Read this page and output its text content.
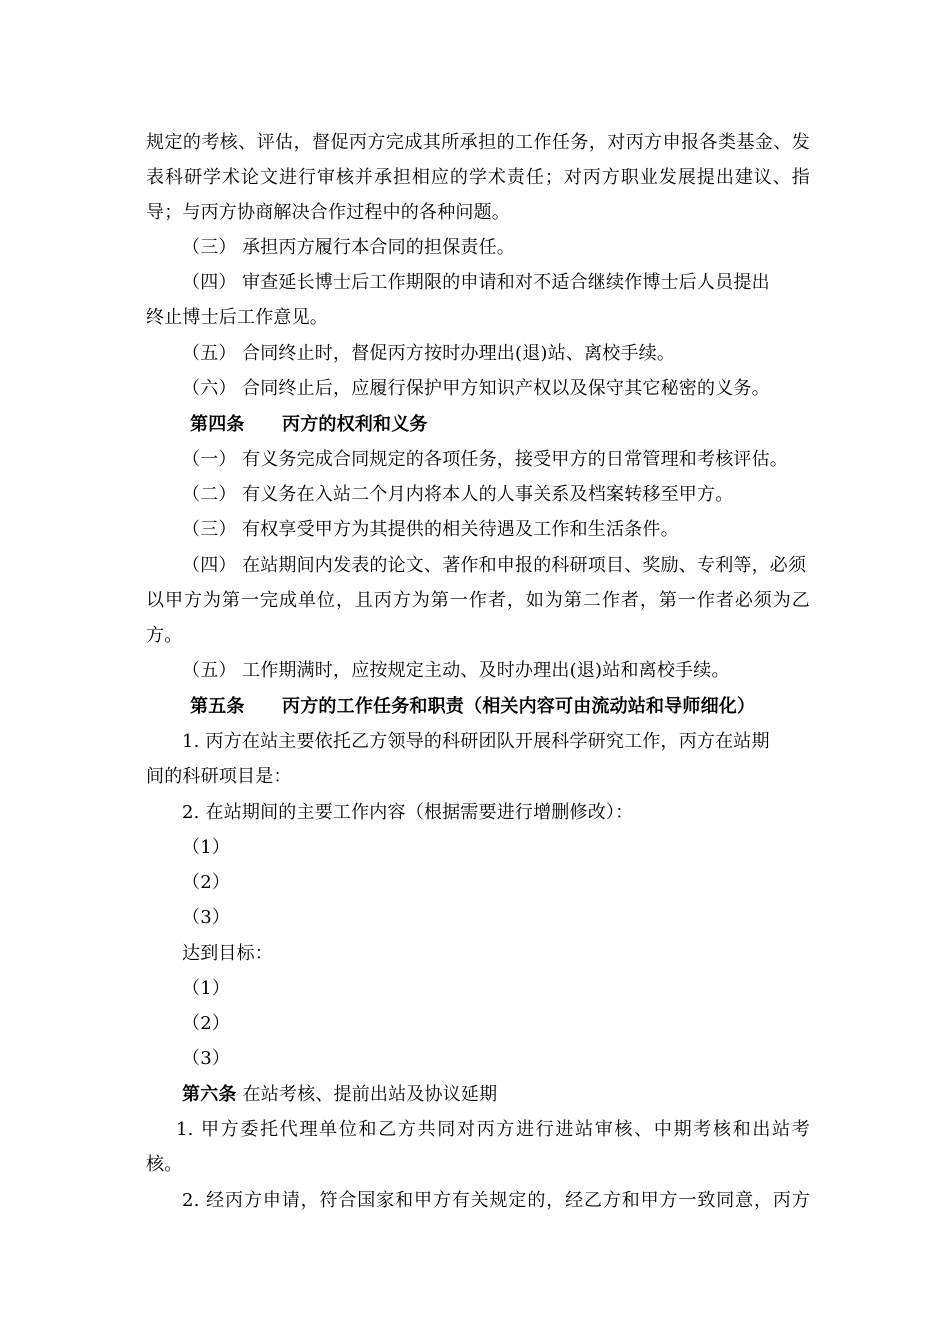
规定的考核、评估，督促丙方完成其所承担的工作任务，对丙方申报各类基金、发
表科研学术论文进行审核并承担相应的学术责任；对丙方职业发展提出建议、指
导；与丙方协商解决合作过程中的各种问题。
（三） 承担丙方履行本合同的担保责任。
（四） 审查延长博士后工作期限的申请和对不适合继续作博士后人员提出
终止博士后工作意见。
（五） 合同终止时，督促丙方按时办理出(退)站、离校手续。
（六） 合同终止后，应履行保护甲方知识产权以及保守其它秘密的义务。
第四条 丙方的权利和义务
（一） 有义务完成合同规定的各项任务，接受甲方的日常管理和考核评估。
（二） 有义务在入站二个月内将本人的人事关系及档案转移至甲方。
（三） 有权享受甲方为其提供的相关待遇及工作和生活条件。
（四） 在站期间内发表的论文、著作和申报的科研项目、奖励、专利等，必须
以甲方为第一完成单位，且丙方为第一作者，如为第二作者，第一作者必须为乙
方。
（五） 工作期满时，应按规定主动、及时办理出(退)站和离校手续。
第五条 丙方的工作任务和职责（相关内容可由流动站和导师细化）
1. 丙方在站主要依托乙方领导的科研团队开展科学研究工作，丙方在站期
间的科研项目是：
2. 在站期间的主要工作内容（根据需要进行增删修改）：
（1）
（2）
（3）
达到目标：
（1）
（2）
（3）
第六条 在站考核、提前出站及协议延期
1. 甲方委托代理单位和乙方共同对丙方进行进站审核、中期考核和出站考
核。
2. 经丙方申请，符合国家和甲方有关规定的，经乙方和甲方一致同意，丙方
